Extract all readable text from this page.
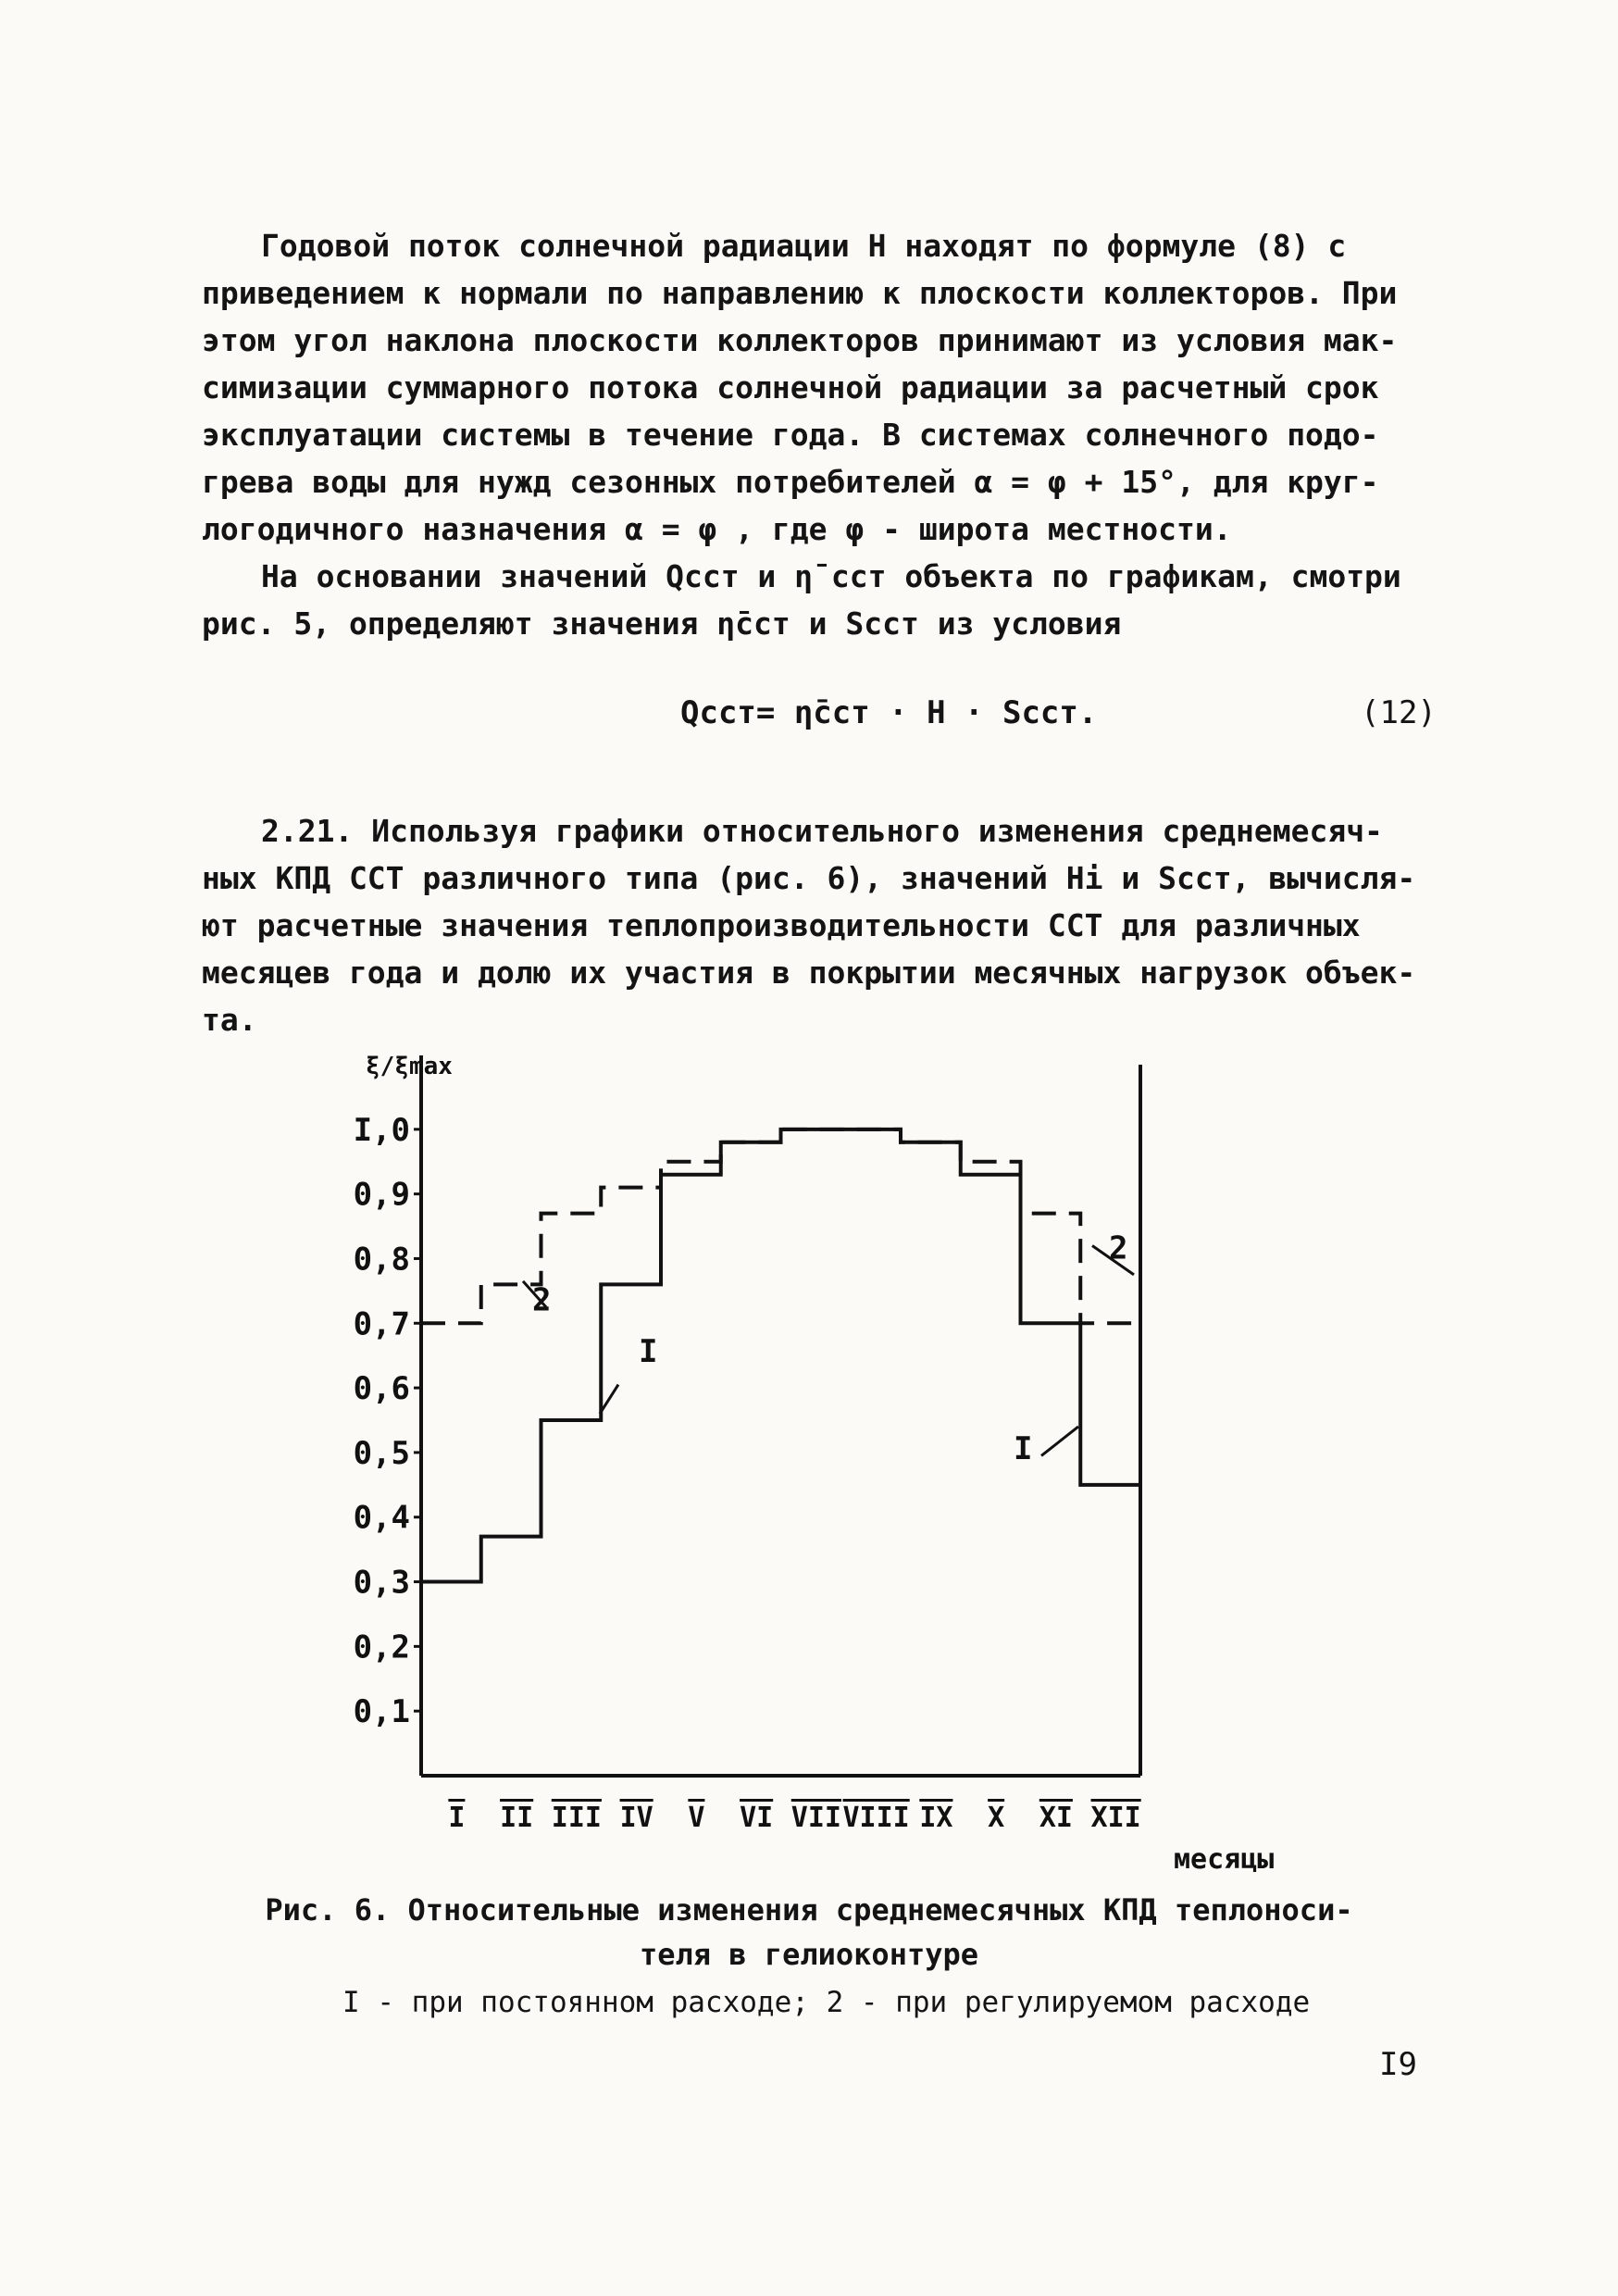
Годовой поток солнечной радиации Н находят по формуле (8) с
приведением к нормали по направлению к плоскости коллекторов. При
этом угол наклона плоскости коллекторов принимают из условия мак-
симизации суммарного потока солнечной радиации за расчетный срок
эксплуатации системы в течение года. В системах солнечного подо-
грева воды для нужд сезонных потребителей α = φ + 15°, для круг-
логодичного назначения α = φ , где φ - широта местности.
На основании значений Qсст и η̄ сст объекта по графикам, смотри
рис. 5, определяют значения η̄сст и Sсст из условия
Qсст= η̄сст · Н · Sсст.	(12)
2.21. Используя графики относительного изменения среднемесяч-
ных КПД ССТ различного типа (рис. 6), значений Нi и Sсст, вычисля-
ют расчетные значения теплопроизводительности ССТ для различных
месяцев года и долю их участия в покрытии месячных нагрузок объек-
та.
0,1
0,2
0,3
0,4
0,5
0,6
0,7
0,8
0,9
I,0
ξ/ξmax
I II III IV V VI VII VIII IX X XI XII
месяцы
I
I
2
2
Рис. 6. Относительные изменения среднемесячных КПД теплоноси-
теля в гелиоконтуре
I - при постоянном расходе; 2 - при регулируемом расходе
I9
